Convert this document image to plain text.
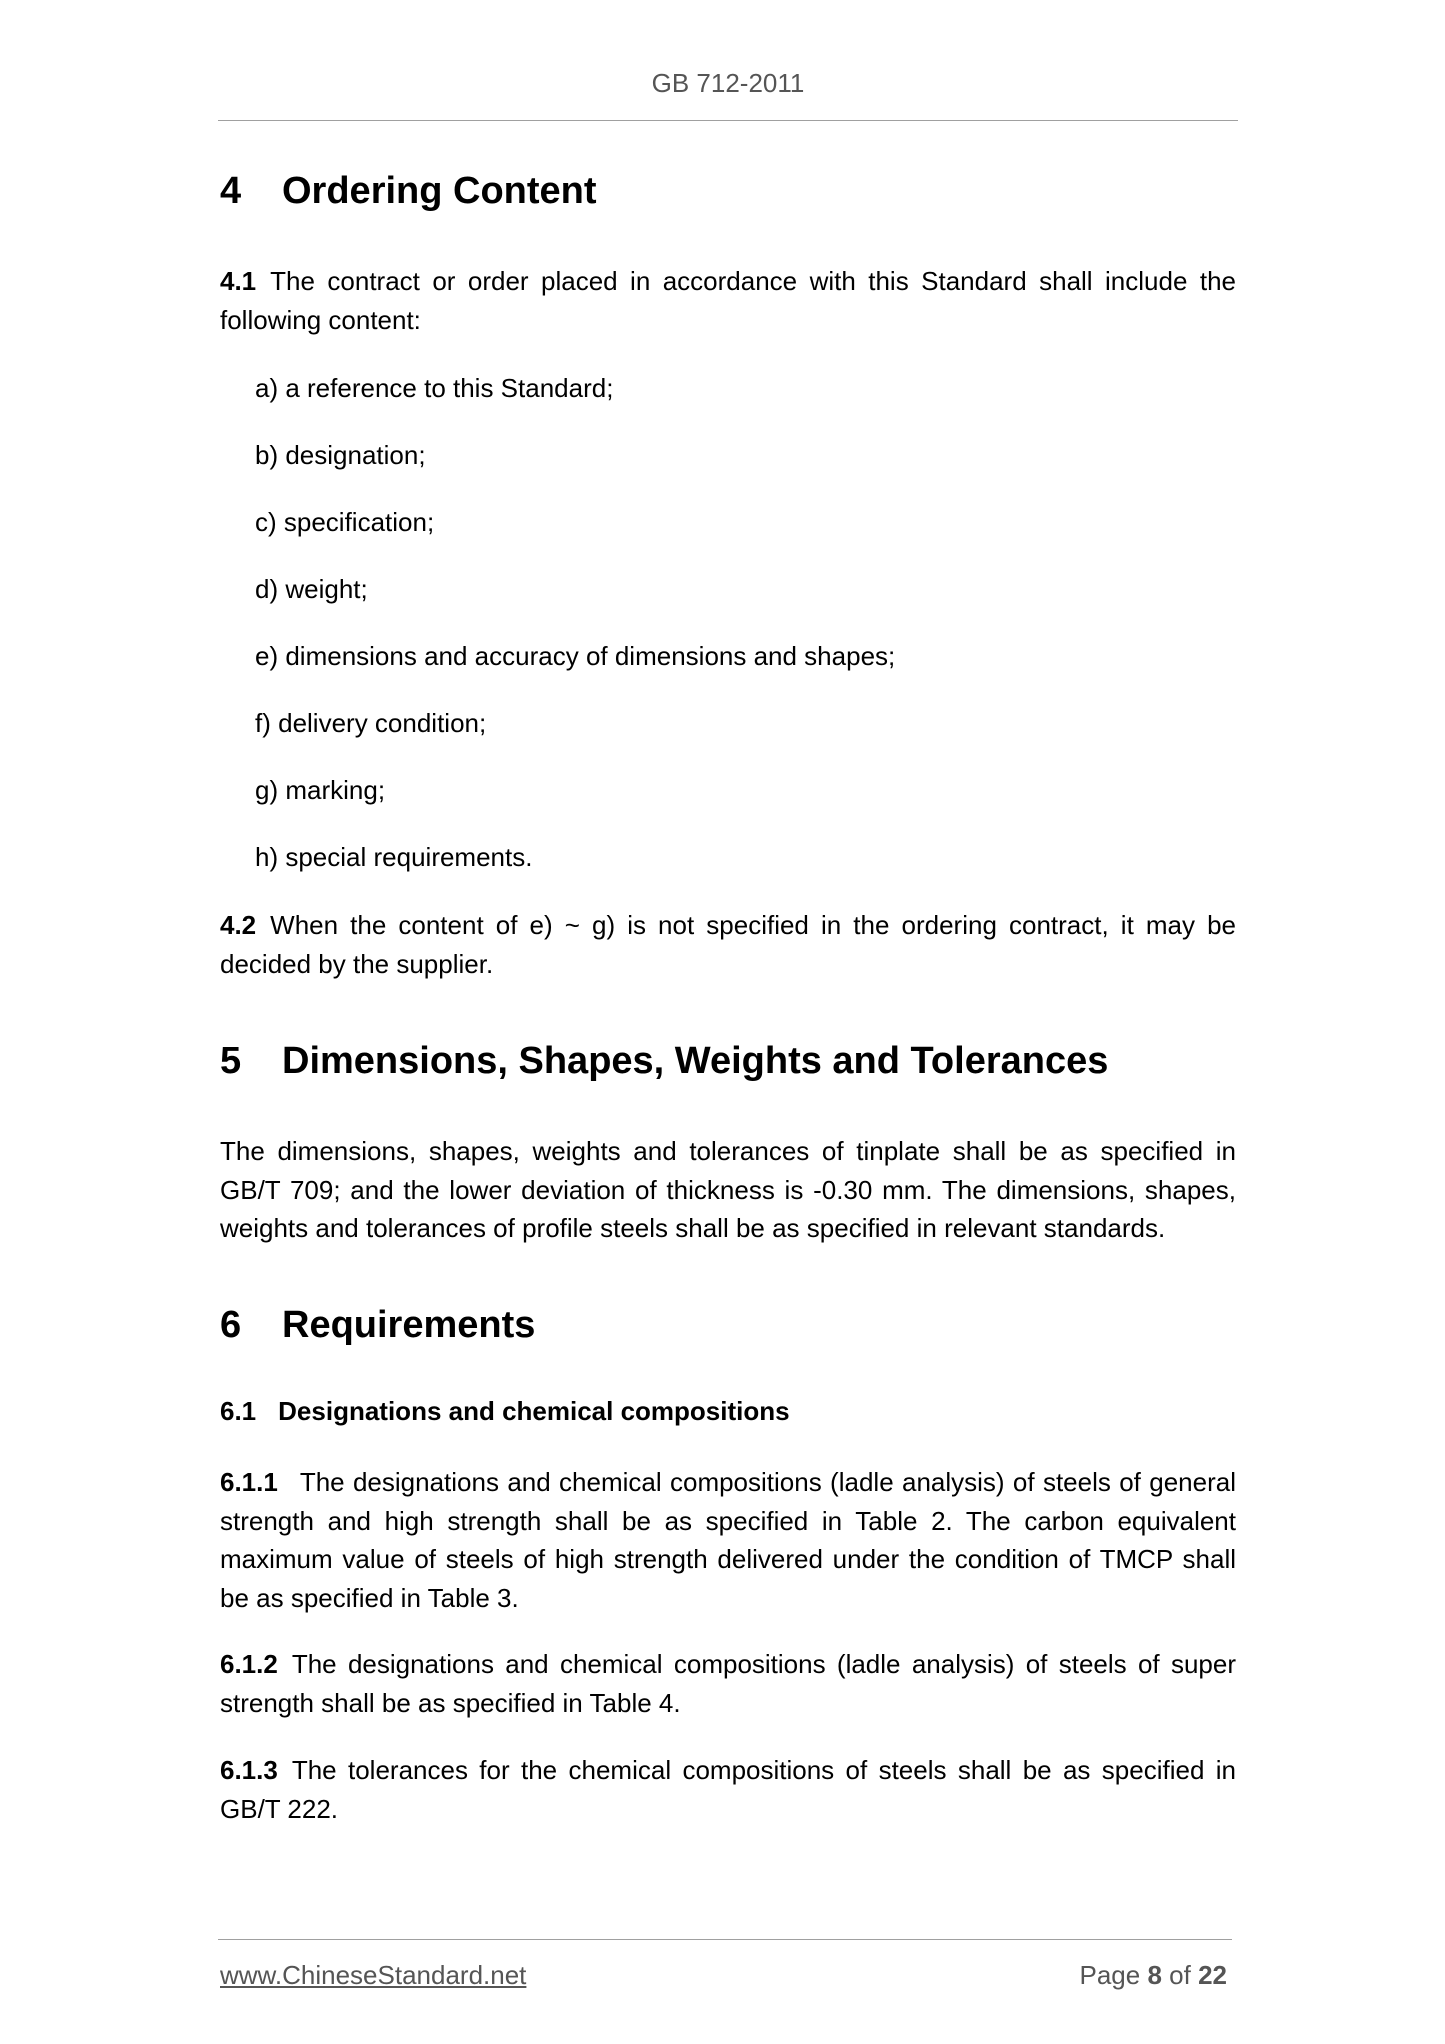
GB 712-2011
4 Ordering Content
4.1 The contract or order placed in accordance with this Standard shall include the following content:
a) a reference to this Standard;
b) designation;
c) specification;
d) weight;
e) dimensions and accuracy of dimensions and shapes;
f) delivery condition;
g) marking;
h) special requirements.
4.2 When the content of e) ~ g) is not specified in the ordering contract, it may be decided by the supplier.
5 Dimensions, Shapes, Weights and Tolerances
The dimensions, shapes, weights and tolerances of tinplate shall be as specified in GB/T 709; and the lower deviation of thickness is -0.30 mm. The dimensions, shapes, weights and tolerances of profile steels shall be as specified in relevant standards.
6 Requirements
6.1 Designations and chemical compositions
6.1.1 The designations and chemical compositions (ladle analysis) of steels of general strength and high strength shall be as specified in Table 2. The carbon equivalent maximum value of steels of high strength delivered under the condition of TMCP shall be as specified in Table 3.
6.1.2 The designations and chemical compositions (ladle analysis) of steels of super strength shall be as specified in Table 4.
6.1.3 The tolerances for the chemical compositions of steels shall be as specified in GB/T 222.
www.ChineseStandard.net	Page 8 of 22
